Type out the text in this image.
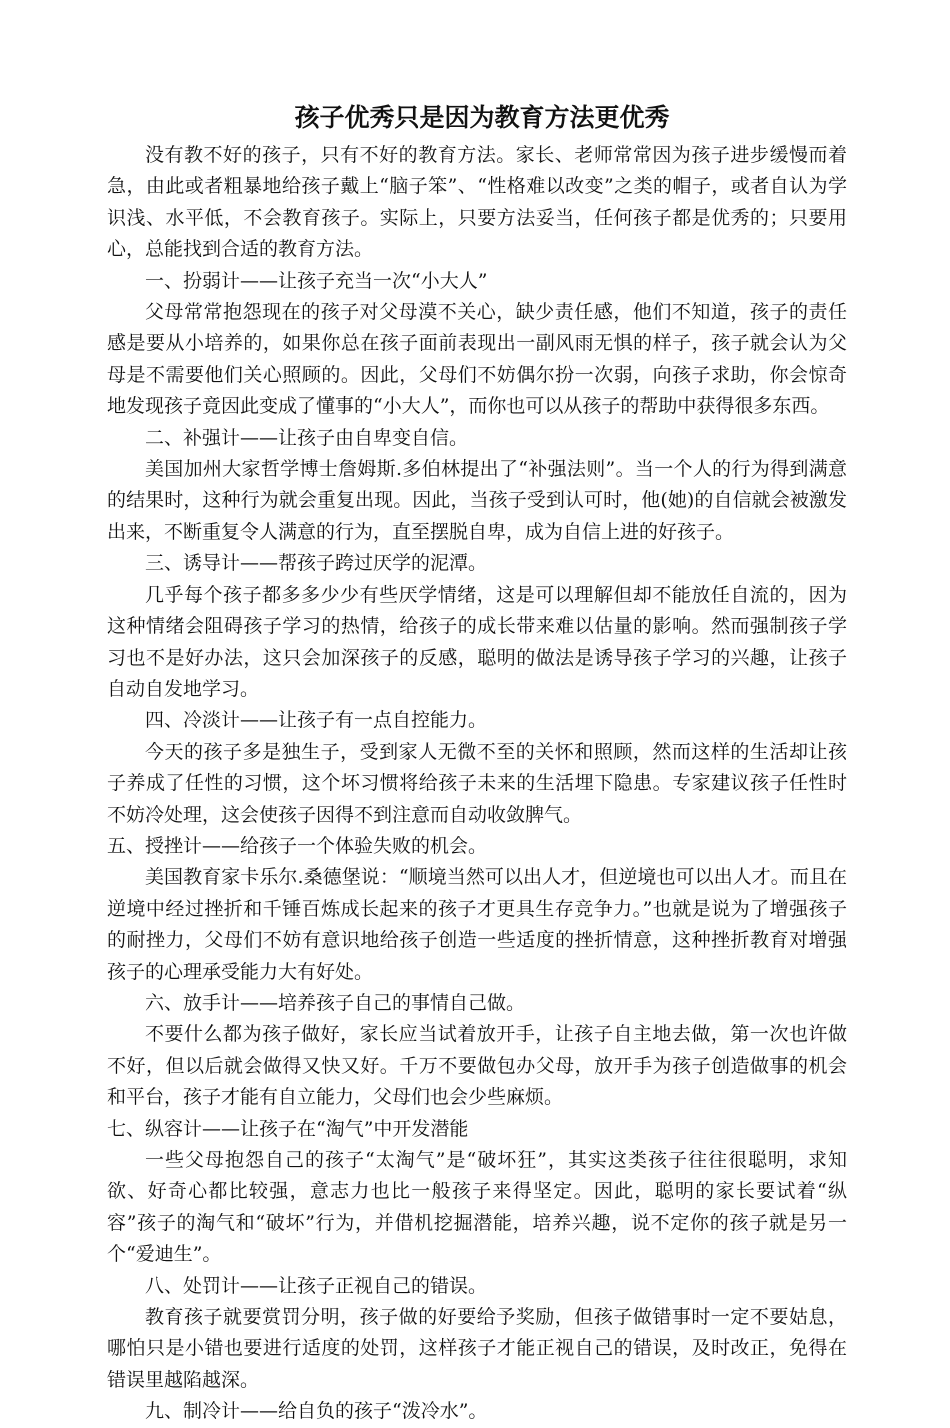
孩子优秀只是因为教育方法更优秀

没有教不好的孩子，只有不好的教育方法。家长、老师常常因为孩子进步缓慢而着急，由此或者粗暴地给孩子戴上“脑子笨”、“性格难以改变”之类的帽子，或者自认为学识浅、水平低，不会教育孩子。实际上，只要方法妥当，任何孩子都是优秀的；只要用心，总能找到合适的教育方法。

一、扮弱计——让孩子充当一次“小大人”

父母常常抱怨现在的孩子对父母漠不关心，缺少责任感，他们不知道，孩子的责任感是要从小培养的，如果你总在孩子面前表现出一副风雨无惧的样子，孩子就会认为父母是不需要他们关心照顾的。因此，父母们不妨偶尔扮一次弱，向孩子求助，你会惊奇地发现孩子竟因此变成了懂事的“小大人”，而你也可以从孩子的帮助中获得很多东西。

二、补强计——让孩子由自卑变自信。

美国加州大家哲学博士詹姆斯.多伯林提出了“补强法则”。当一个人的行为得到满意的结果时，这种行为就会重复出现。因此，当孩子受到认可时，他(她)的自信就会被激发出来，不断重复令人满意的行为，直至摆脱自卑，成为自信上进的好孩子。

三、诱导计——帮孩子跨过厌学的泥潭。

几乎每个孩子都多多少少有些厌学情绪，这是可以理解但却不能放任自流的，因为这种情绪会阻碍孩子学习的热情，给孩子的成长带来难以估量的影响。然而强制孩子学习也不是好办法，这只会加深孩子的反感，聪明的做法是诱导孩子学习的兴趣，让孩子自动自发地学习。

四、冷淡计——让孩子有一点自控能力。

今天的孩子多是独生子，受到家人无微不至的关怀和照顾，然而这样的生活却让孩子养成了任性的习惯，这个坏习惯将给孩子未来的生活埋下隐患。专家建议孩子任性时不妨冷处理，这会使孩子因得不到注意而自动收敛脾气。

五、授挫计——给孩子一个体验失败的机会。

美国教育家卡乐尔.桑德堡说：“顺境当然可以出人才，但逆境也可以出人才。而且在逆境中经过挫折和千锤百炼成长起来的孩子才更具生存竞争力。”也就是说为了增强孩子的耐挫力，父母们不妨有意识地给孩子创造一些适度的挫折情意，这种挫折教育对增强孩子的心理承受能力大有好处。

六、放手计——培养孩子自己的事情自己做。

不要什么都为孩子做好，家长应当试着放开手，让孩子自主地去做，第一次也许做不好，但以后就会做得又快又好。千万不要做包办父母，放开手为孩子创造做事的机会和平台，孩子才能有自立能力，父母们也会少些麻烦。

七、纵容计——让孩子在“淘气”中开发潜能

一些父母抱怨自己的孩子“太淘气”是“破坏狂”，其实这类孩子往往很聪明，求知欲、好奇心都比较强，意志力也比一般孩子来得坚定。因此，聪明的家长要试着“纵容”孩子的淘气和“破坏”行为，并借机挖掘潜能，培养兴趣，说不定你的孩子就是另一个“爱迪生”。

八、处罚计——让孩子正视自己的错误。

教育孩子就要赏罚分明，孩子做的好要给予奖励，但孩子做错事时一定不要姑息，哪怕只是小错也要进行适度的处罚，这样孩子才能正视自己的错误，及时改正，免得在错误里越陷越深。

九、制冷计——给自负的孩子“泼冷水”。
